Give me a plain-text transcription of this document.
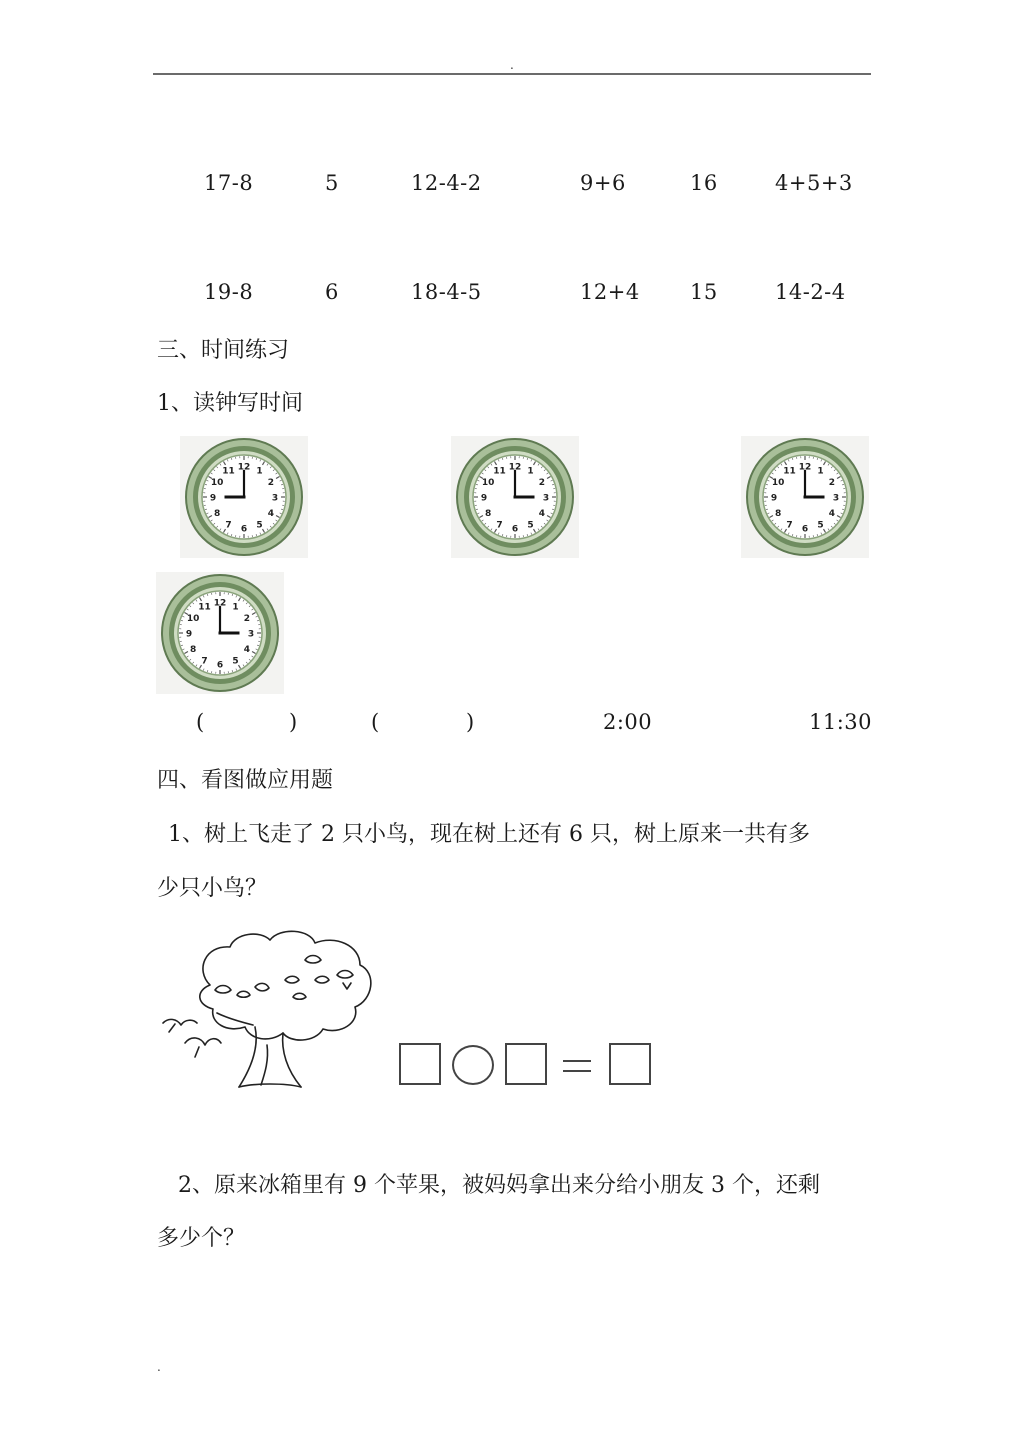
.
17-8	5	12-4-2	9+6	16	4+5+3
19-8	6	18-4-5	12+4 15	14-2-4
三、时间练习
1、读钟写时间
1
2
3
4
5
6
7
8
9
10
11 12	1
2
3
4
5
6
7
8
9
10
11 12	1
2
3
4
5
6
7
8
9
10
11 12
1
2
3
4
5
6
7
8
9
10
11 12
(	)	(	)	2:00	11:30
四、看图做应用题
1、树上飞走了 2 只小鸟，现在树上还有 6 只，树上原来一共有多
少只小鸟？
2、原来冰箱里有 9 个苹果，被妈妈拿出来分给小朋友 3 个，还剩
多少个？
.
